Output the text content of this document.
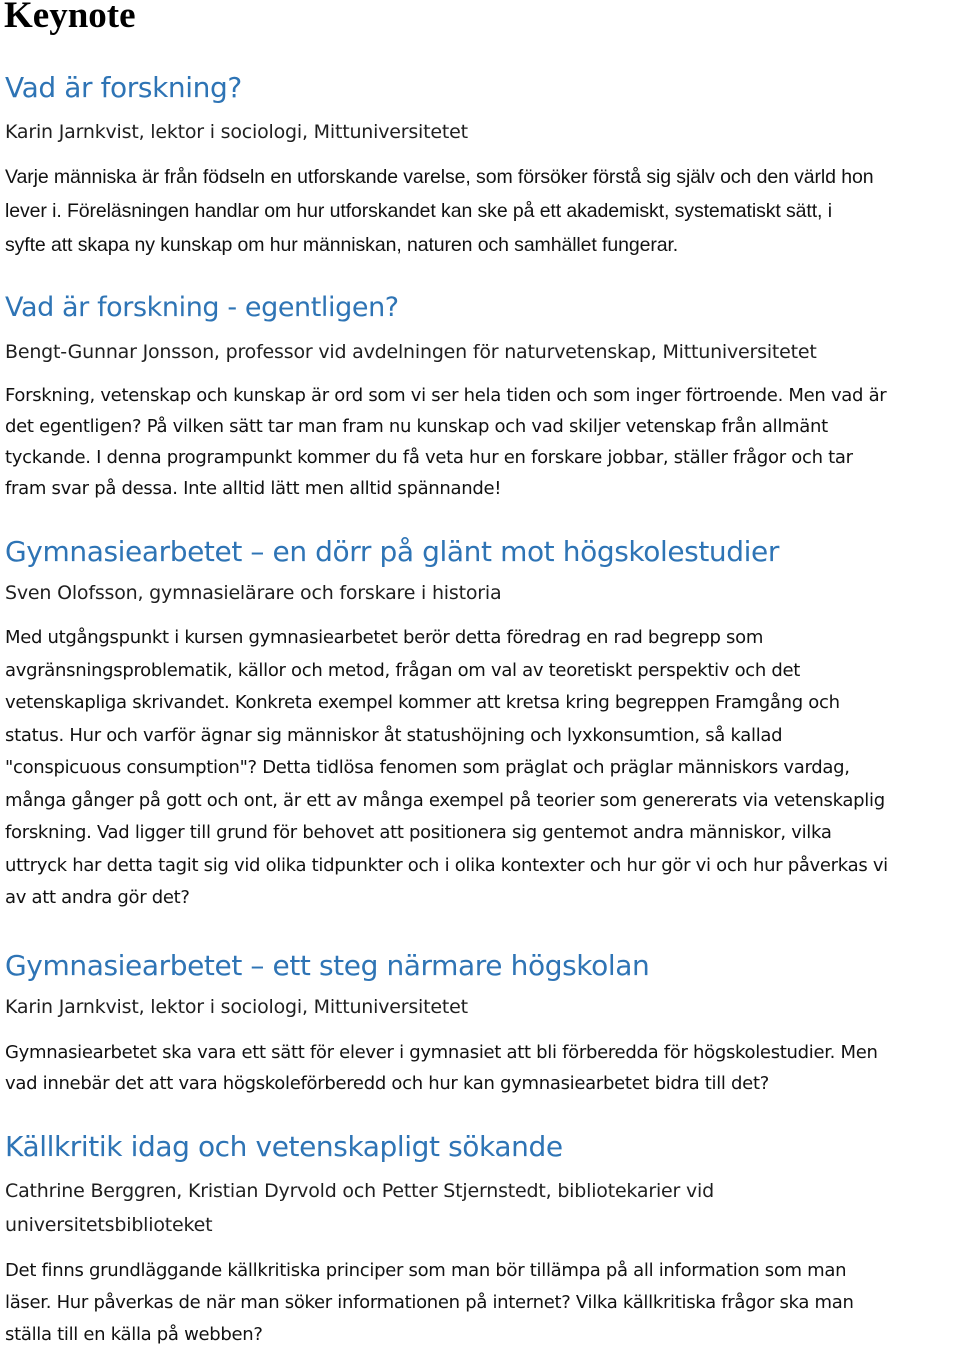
Keynote
Vad är forskning?

Karin Jarnkvist, lektor i sociologi, Mittuniversitetet

Varje människa är från födseln en utforskande varelse, som försöker förstå sig själv och den värld hon
lever i. Föreläsningen handlar om hur utforskandet kan ske på ett akademiskt, systematiskt sätt, i
syfte att skapa ny kunskap om hur människan, naturen och samhället fungerar.

Vad är forskning - egentligen?

Bengt-Gunnar Jonsson, professor vid avdelningen för naturvetenskap, Mittuniversitetet

Forskning, vetenskap och kunskap är ord som vi ser hela tiden och som inger förtroende. Men vad är
det egentligen? På vilken sätt tar man fram nu kunskap och vad skiljer vetenskap från allmänt
tyckande. I denna programpunkt kommer du få veta hur en forskare jobbar, ställer frågor och tar
fram svar på dessa. Inte alltid lätt men alltid spännande!

Gymnasiearbetet – en dörr på glänt mot högskolestudier

Sven Olofsson, gymnasielärare och forskare i historia

Med utgångspunkt i kursen gymnasiearbetet berör detta föredrag en rad begrepp som
avgränsningsproblematik, källor och metod, frågan om val av teoretiskt perspektiv och det
vetenskapliga skrivandet. Konkreta exempel kommer att kretsa kring begreppen Framgång och
status. Hur och varför ägnar sig människor åt statushöjning och lyxkonsumtion, så kallad
"conspicuous consumption"? Detta tidlösa fenomen som präglat och präglar människors vardag,
många gånger på gott och ont, är ett av många exempel på teorier som genererats via vetenskaplig
forskning. Vad ligger till grund för behovet att positionera sig gentemot andra människor, vilka
uttryck har detta tagit sig vid olika tidpunkter och i olika kontexter och hur gör vi och hur påverkas vi
av att andra gör det?

Gymnasiearbetet – ett steg närmare högskolan

Karin Jarnkvist, lektor i sociologi, Mittuniversitetet

Gymnasiearbetet ska vara ett sätt för elever i gymnasiet att bli förberedda för högskolestudier. Men
vad innebär det att vara högskoleförberedd och hur kan gymnasiearbetet bidra till det?

Källkritik idag och vetenskapligt sökande

Cathrine Berggren, Kristian Dyrvold och Petter Stjernstedt, bibliotekarier vid universitetsbiblioteket

Det finns grundläggande källkritiska principer som man bör tillämpa på all information som man
läser. Hur påverkas de när man söker informationen på internet? Vilka källkritiska frågor ska man
ställa till en källa på webben?
